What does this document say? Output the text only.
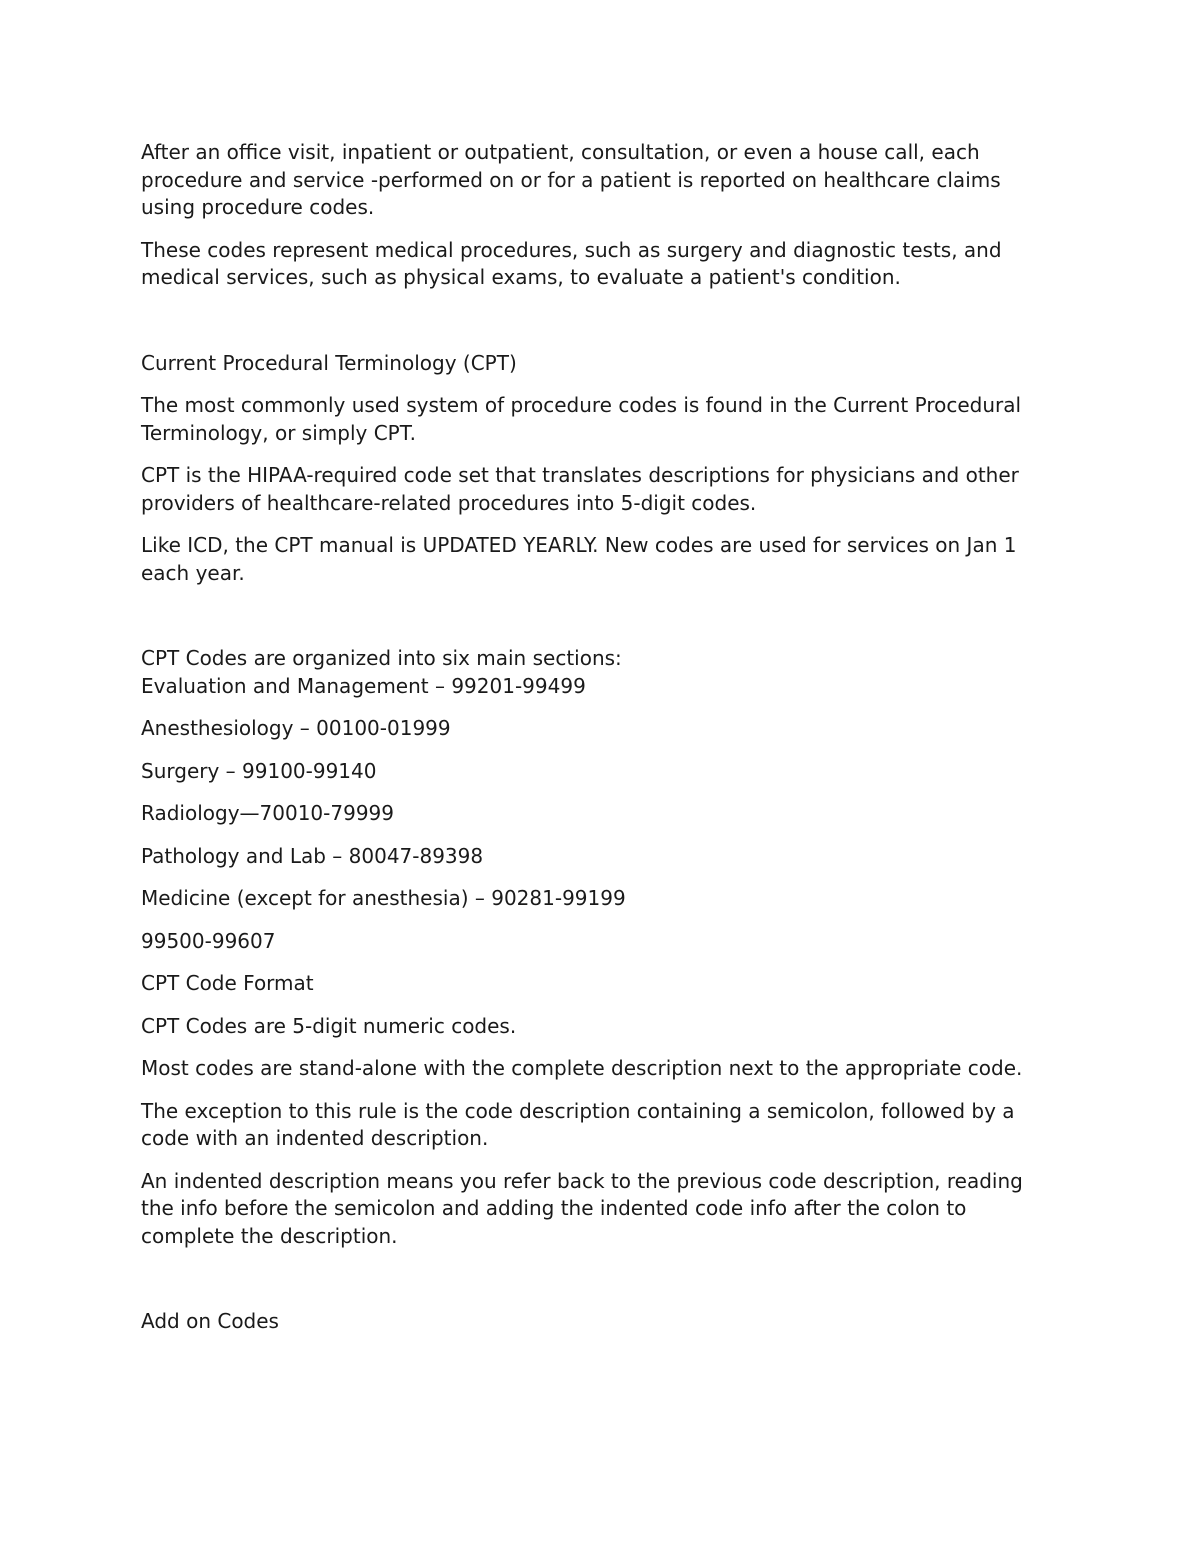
After an office visit, inpatient or outpatient, consultation, or even a house call, each procedure and service -performed on or for a patient is reported on healthcare claims using procedure codes.

These codes represent medical procedures, such as surgery and diagnostic tests, and medical services, such as physical exams, to evaluate a patient's condition.

Current Procedural Terminology (CPT)

The most commonly used system of procedure codes is found in the Current Procedural Terminology, or simply CPT.

CPT is the HIPAA-required code set that translates descriptions for physicians and other providers of healthcare-related procedures into 5-digit codes.

Like ICD, the CPT manual is UPDATED YEARLY. New codes are used for services on Jan 1 each year.

CPT Codes are organized into six main sections:

Evaluation and Management – 99201-99499

Anesthesiology – 00100-01999

Surgery – 99100-99140

Radiology—70010-79999

Pathology and Lab – 80047-89398

Medicine (except for anesthesia) – 90281-99199

99500-99607

CPT Code Format

CPT Codes are 5-digit numeric codes.

Most codes are stand-alone with the complete description next to the appropriate code.

The exception to this rule is the code description containing a semicolon, followed by a code with an indented description.

An indented description means you refer back to the previous code description, reading the info before the semicolon and adding the indented code info after the colon to complete the description.

Add on Codes
